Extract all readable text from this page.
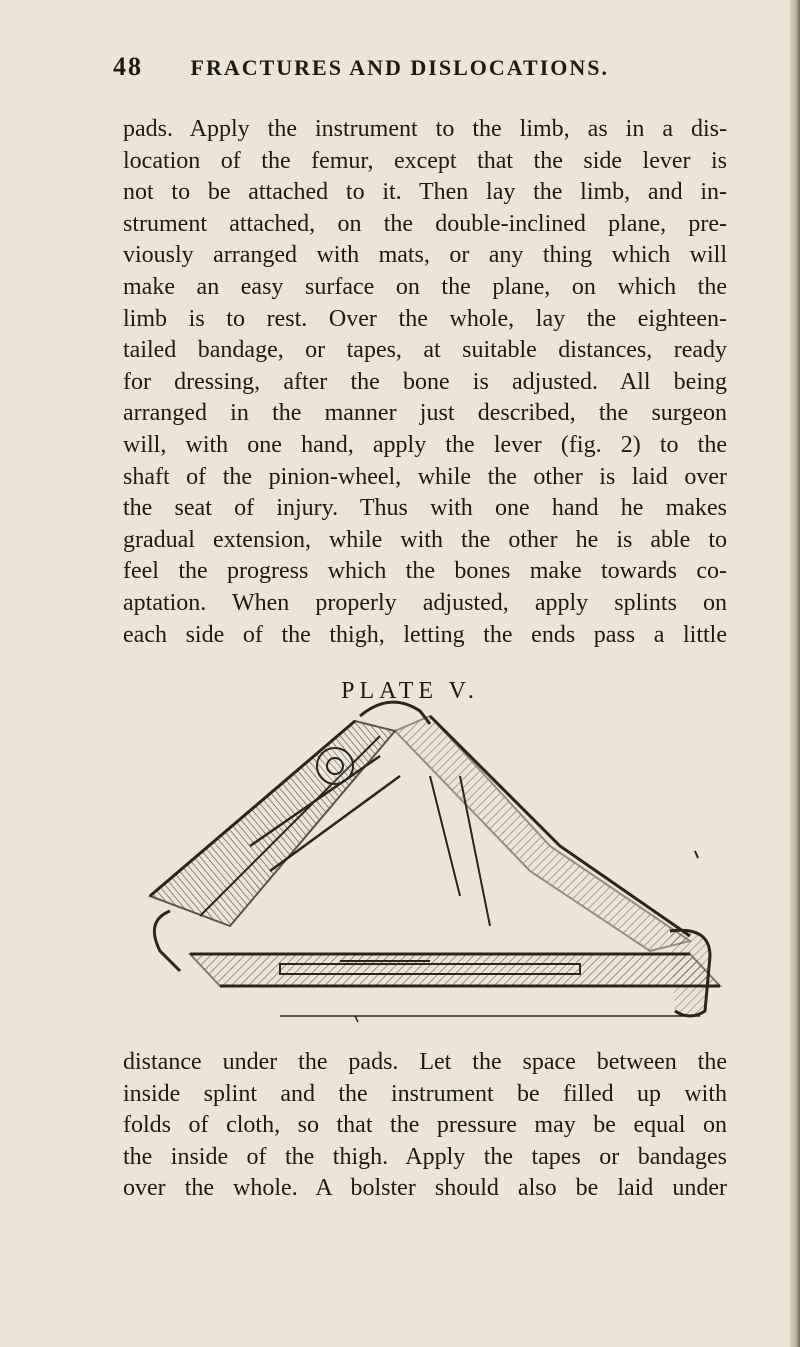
48 FRACTURES AND DISLOCATIONS.
pads. Apply the instrument to the limb, as in a dis-
location of the femur, except that the side lever is
not to be attached to it. Then lay the limb, and in-
strument attached, on the double-inclined plane, pre-
viously arranged with mats, or any thing which will
make an easy surface on the plane, on which the
limb is to rest. Over the whole, lay the eighteen-
tailed bandage, or tapes, at suitable distances, ready
for dressing, after the bone is adjusted. All being
arranged in the manner just described, the surgeon
will, with one hand, apply the lever (fig. 2) to the
shaft of the pinion-wheel, while the other is laid over
the seat of injury. Thus with one hand he makes
gradual extension, while with the other he is able to
feel the progress which the bones make towards co-
aptation. When properly adjusted, apply splints on
each side of the thigh, letting the ends pass a little
PLATE V.
distance under the pads. Let the space between the
inside splint and the instrument be filled up with
folds of cloth, so that the pressure may be equal on
the inside of the thigh. Apply the tapes or bandages
over the whole. A bolster should also be laid under
